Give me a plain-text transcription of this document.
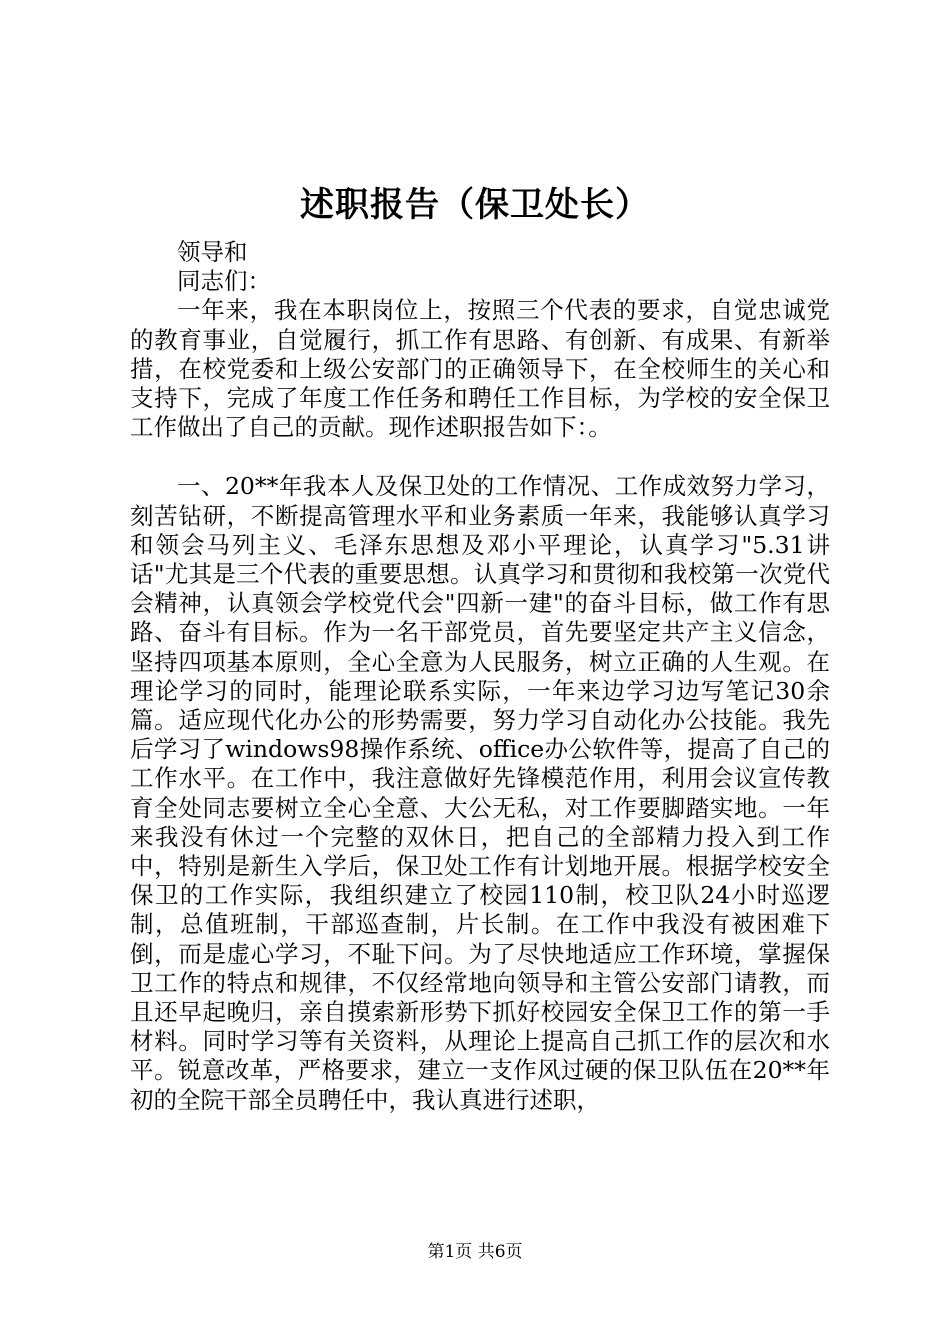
述职报告（保卫处长）

领导和

同志们：

一年来，我在本职岗位上，按照三个代表的要求，自觉忠诚党的教育事业，自觉履行，抓工作有思路、有创新、有成果、有新举措，在校党委和上级公安部门的正确领导下，在全校师生的关心和支持下，完成了年度工作任务和聘任工作目标，为学校的安全保卫工作做出了自己的贡献。现作述职报告如下：。

一、20**年我本人及保卫处的工作情况、工作成效努力学习，刻苦钻研，不断提高管理水平和业务素质一年来，我能够认真学习和领会马列主义、毛泽东思想及邓小平理论，认真学习"5.31讲话"尤其是三个代表的重要思想。认真学习和贯彻和我校第一次党代会精神，认真领会学校党代会"四新一建"的奋斗目标，做工作有思路、奋斗有目标。作为一名干部党员，首先要坚定共产主义信念，坚持四项基本原则，全心全意为人民服务，树立正确的人生观。在理论学习的同时，能理论联系实际，一年来边学习边写笔记30余篇。适应现代化办公的形势需要，努力学习自动化办公技能。我先后学习了windows98操作系统、office办公软件等，提高了自己的工作水平。在工作中，我注意做好先锋模范作用，利用会议宣传教育全处同志要树立全心全意、大公无私，对工作要脚踏实地。一年来我没有休过一个完整的双休日，把自己的全部精力投入到工作中，特别是新生入学后，保卫处工作有计划地开展。根据学校安全保卫的工作实际，我组织建立了校园110制，校卫队24小时巡逻制，总值班制，干部巡查制，片长制。在工作中我没有被困难下倒，而是虚心学习，不耻下问。为了尽快地适应工作环境，掌握保卫工作的特点和规律，不仅经常地向领导和主管公安部门请教，而且还早起晚归，亲自摸索新形势下抓好校园安全保卫工作的第一手材料。同时学习等有关资料，从理论上提高自己抓工作的层次和水平。锐意改革，严格要求，建立一支作风过硬的保卫队伍在20**年初的全院干部全员聘任中，我认真进行述职，

第1页 共6页
